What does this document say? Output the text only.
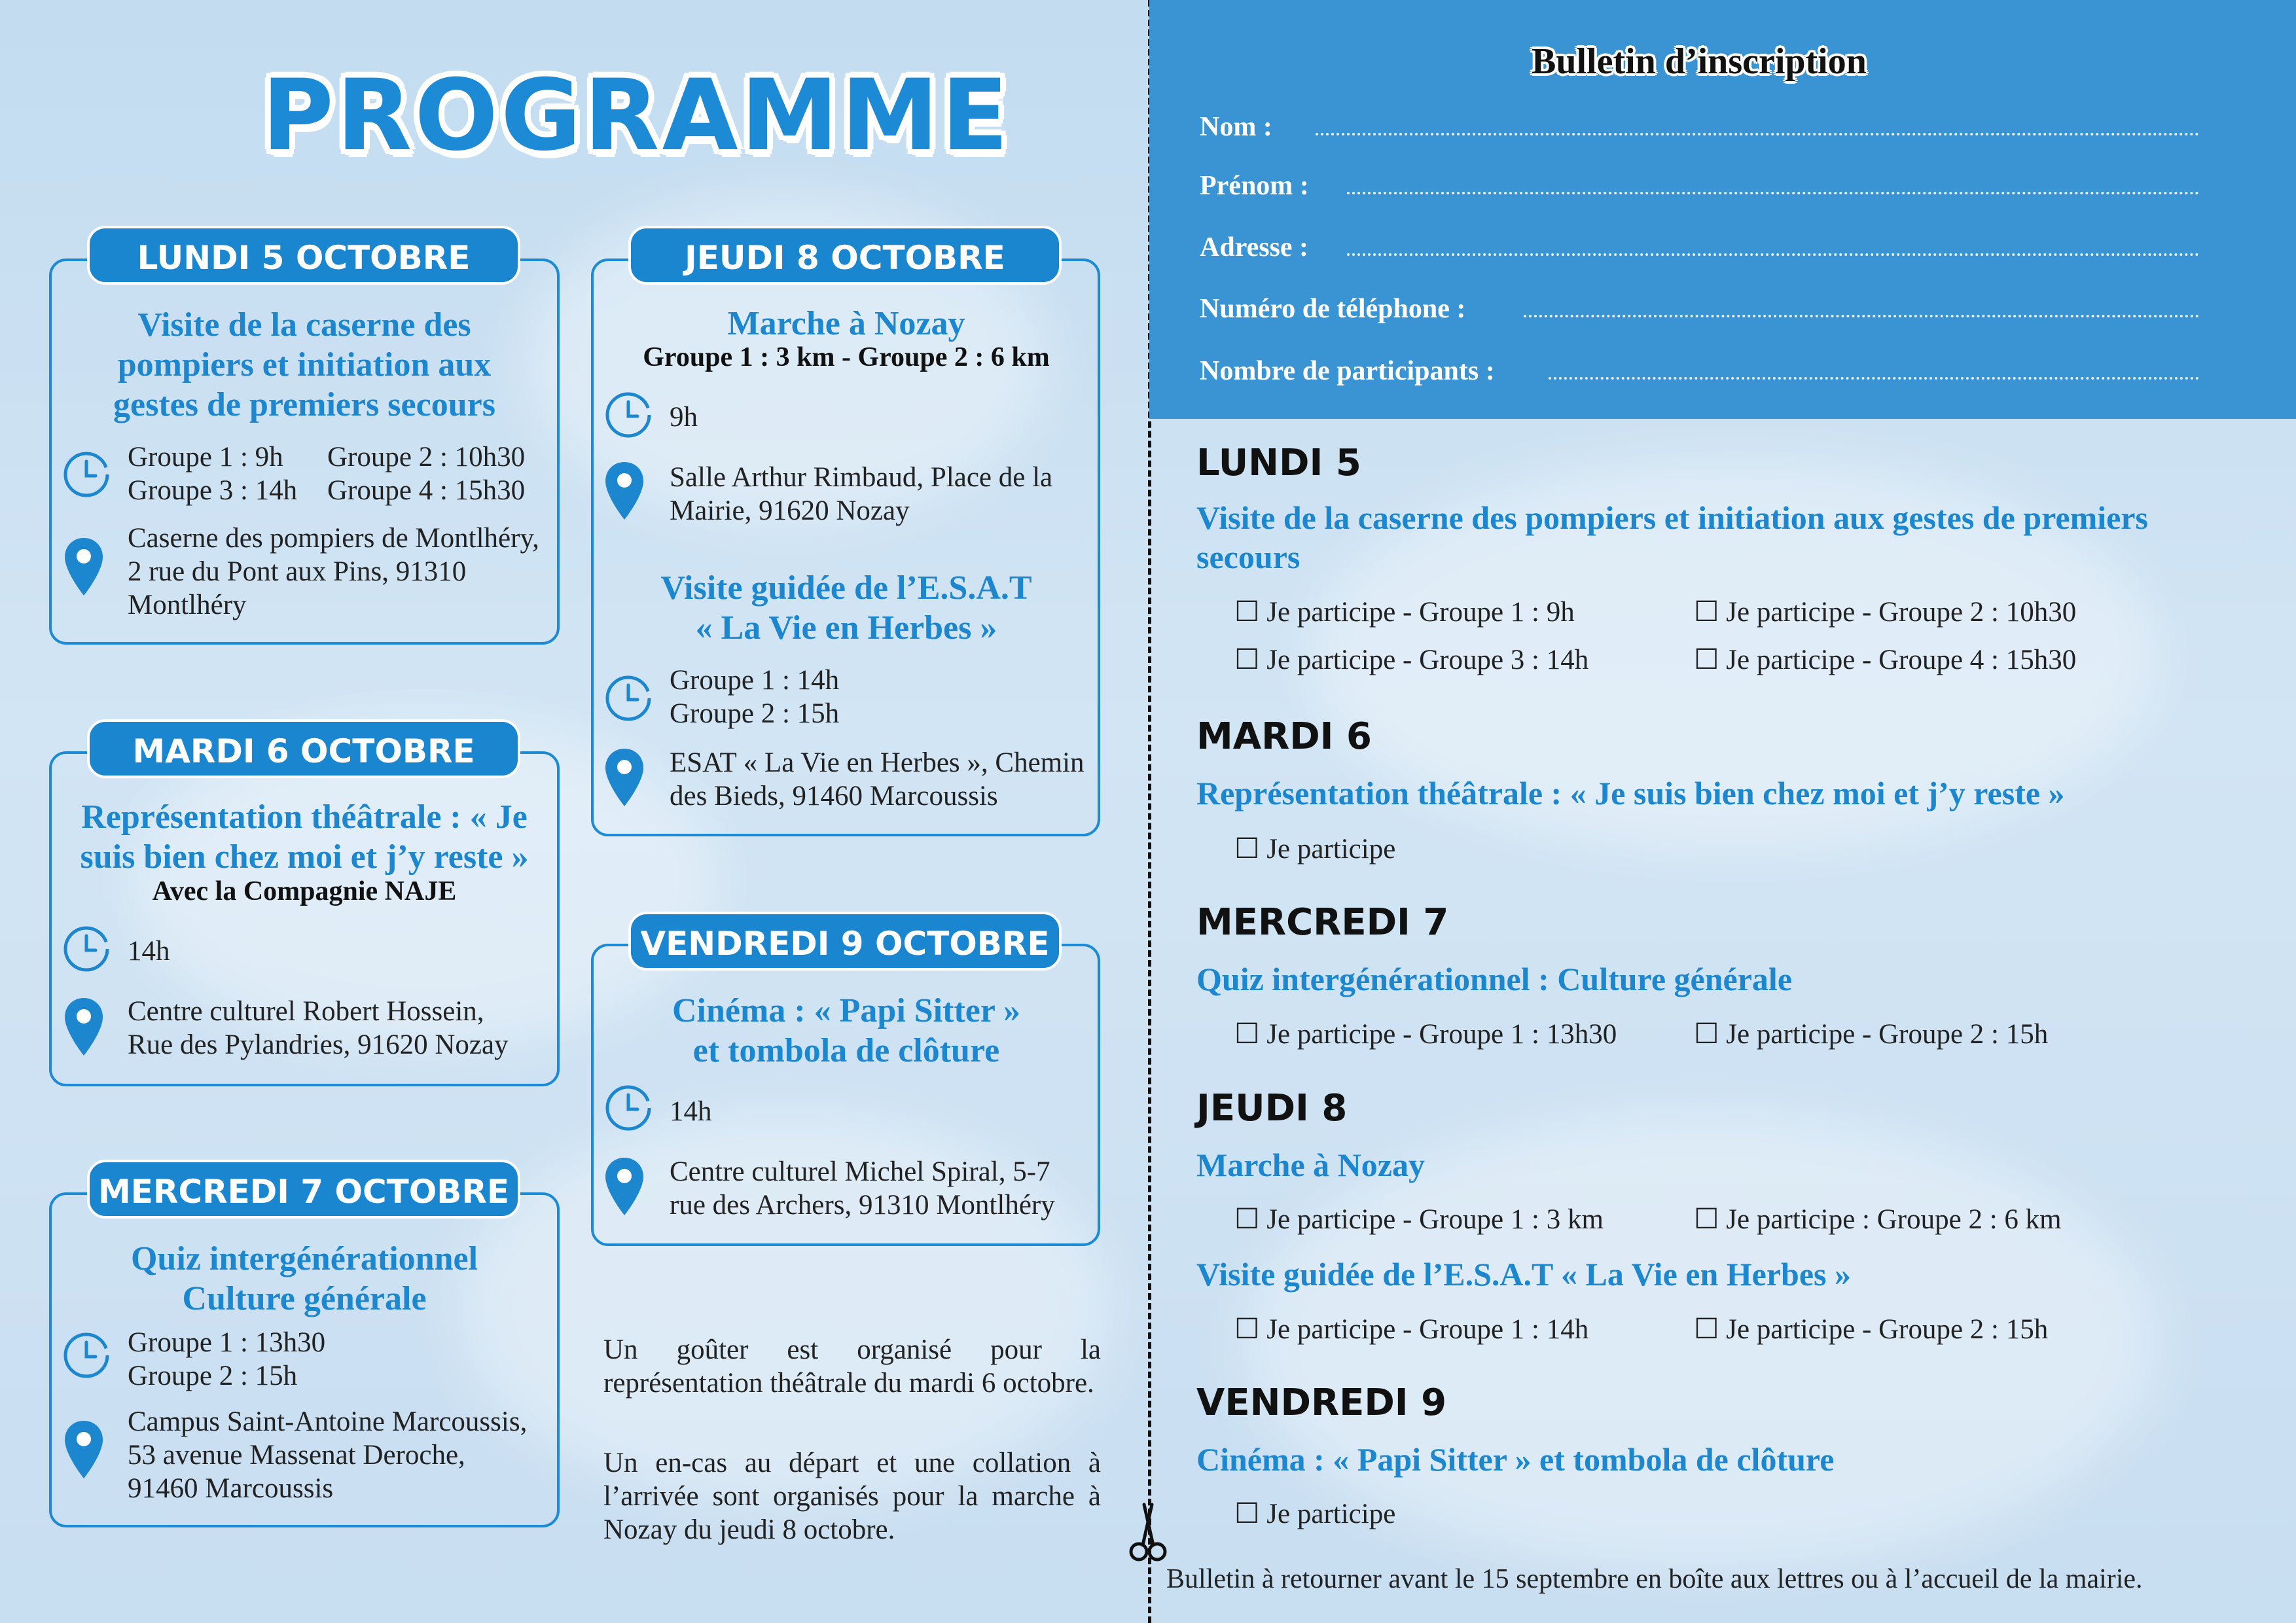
PROGRAMME
LUNDI 5 OCTOBRE
Visite de la caserne des
pompiers et initiation aux
gestes de premiers secours
Groupe 1 : 9h Groupe 2 : 10h30
Groupe 3 : 14h Groupe 4 : 15h30
Caserne des pompiers de Montlhéry,
2 rue du Pont aux Pins, 91310
Montlhéry
MARDI 6 OCTOBRE
Représentation théâtrale : « Je
suis bien chez moi et j’y reste »
Avec la Compagnie NAJE
14h
Centre culturel Robert Hossein,
Rue des Pylandries, 91620 Nozay
MERCREDI 7 OCTOBRE
Quiz intergénérationnel
Culture générale
Groupe 1 : 13h30
Groupe 2 : 15h
Campus Saint-Antoine Marcoussis,
53 avenue Massenat Deroche,
91460 Marcoussis
JEUDI 8 OCTOBRE
Marche à Nozay
Groupe 1 : 3 km - Groupe 2 : 6 km
9h
Salle Arthur Rimbaud, Place de la
Mairie, 91620 Nozay
Visite guidée de l’E.S.A.T
« La Vie en Herbes »
Groupe 1 : 14h
Groupe 2 : 15h
ESAT « La Vie en Herbes », Chemin
des Bieds, 91460 Marcoussis
VENDREDI 9 OCTOBRE
Cinéma : « Papi Sitter »
et tombola de clôture
14h
Centre culturel Michel Spiral, 5-7
rue des Archers, 91310 Montlhéry
Un goûter est organisé pour la représentation théâtrale du mardi 6 octobre.
Un en-cas au départ et une collation à l’arrivée sont organisés pour la marche à Nozay du jeudi 8 octobre.
Bulletin d’inscription
Nom :
Prénom :
Adresse :
Numéro de téléphone :
Nombre de participants :
LUNDI 5
Visite de la caserne des pompiers et initiation aux gestes de premiers
secours
☐ Je participe - Groupe 1 : 9h	☐ Je participe - Groupe 2 : 10h30
☐ Je participe - Groupe 3 : 14h	☐ Je participe - Groupe 4 : 15h30
MARDI 6
Représentation théâtrale : « Je suis bien chez moi et j’y reste »
☐ Je participe
MERCREDI 7
Quiz intergénérationnel : Culture générale
☐ Je participe - Groupe 1 : 13h30	☐ Je participe - Groupe 2 : 15h
JEUDI 8
Marche à Nozay
☐ Je participe - Groupe 1 : 3 km	☐ Je participe : Groupe 2 : 6 km
Visite guidée de l’E.S.A.T « La Vie en Herbes »
☐ Je participe - Groupe 1 : 14h	☐ Je participe - Groupe 2 : 15h
VENDREDI 9
Cinéma : « Papi Sitter » et tombola de clôture
☐ Je participe
Bulletin à retourner avant le 15 septembre en boîte aux lettres ou à l’accueil de la mairie.
